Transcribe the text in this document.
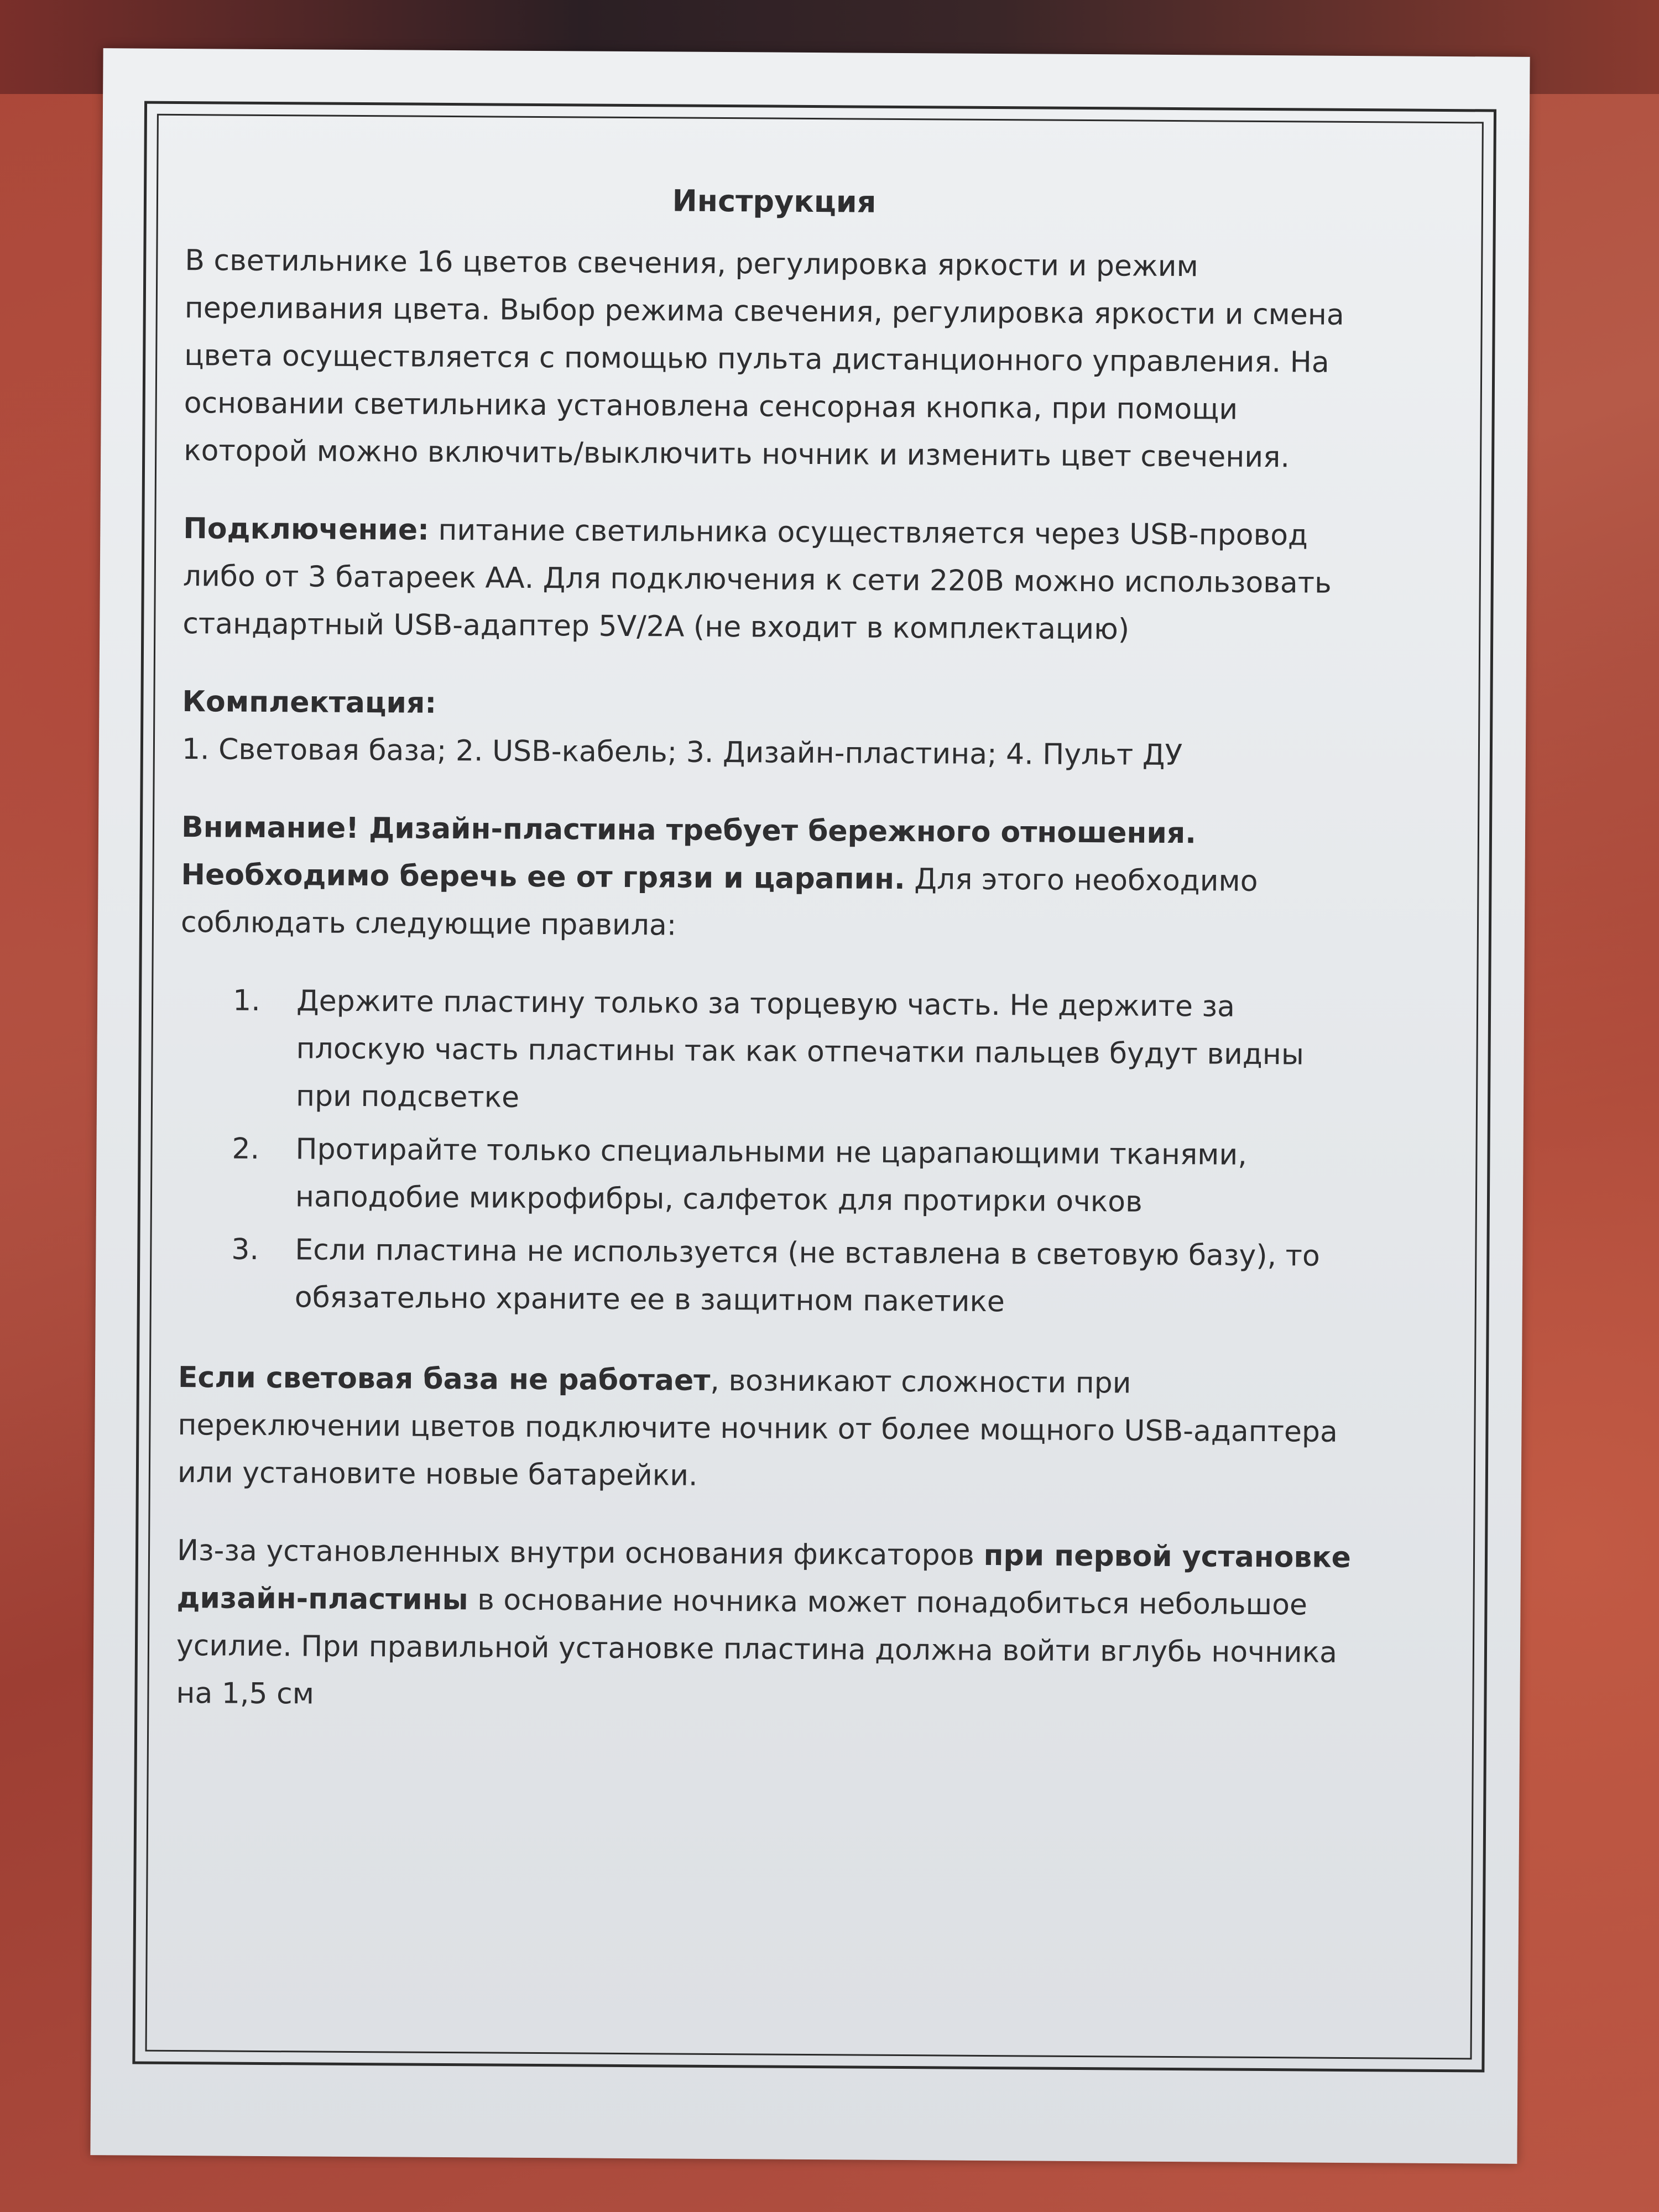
Инструкция

В светильнике 16 цветов свечения, регулировка яркости и режим переливания цвета. Выбор режима свечения, регулировка яркости и смена цвета осуществляется с помощью пульта дистанционного управления. На основании светильника установлена сенсорная кнопка, при помощи которой можно включить/выключить ночник и изменить цвет свечения.

Подключение: питание светильника осуществляется через USB-провод либо от 3 батареек АА. Для подключения к сети 220В можно использовать стандартный USB-адаптер 5V/2A (не входит в комплектацию)

Комплектация:

1. Световая база; 2. USB-кабель; 3. Дизайн-пластина; 4. Пульт ДУ

Внимание! Дизайн-пластина требует бережного отношения. Необходимо беречь ее от грязи и царапин. Для этого необходимо соблюдать следующие правила:

1. Держите пластину только за торцевую часть. Не держите за плоскую часть пластины так как отпечатки пальцев будут видны при подсветке
2. Протирайте только специальными не царапающими тканями, наподобие микрофибры, салфеток для протирки очков
3. Если пластина не используется (не вставлена в световую базу), то обязательно храните ее в защитном пакетике

Если световая база не работает, возникают сложности при переключении цветов подключите ночник от более мощного USB-адаптера или установите новые батарейки.

Из-за установленных внутри основания фиксаторов при первой установке дизайн-пластины в основание ночника может понадобиться небольшое усилие. При правильной установке пластина должна войти вглубь ночника на 1,5 см
